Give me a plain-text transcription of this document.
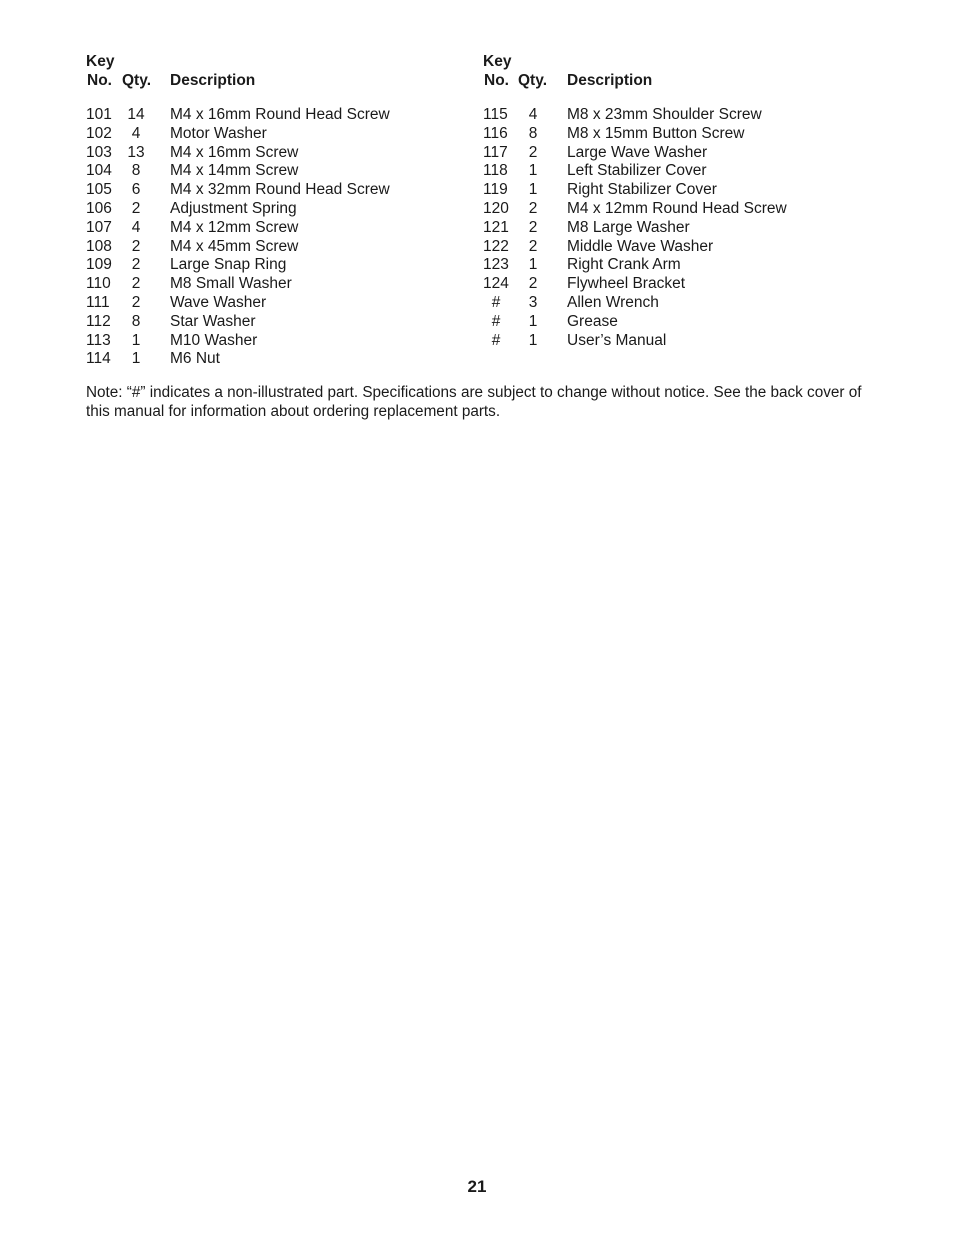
Key
No. Qty. Description
101 14 M4 x 16mm Round Head Screw
102	4	Motor Washer
103 13 M4 x 16mm Screw
104	8	M4 x 14mm Screw
105	6	M4 x 32mm Round Head Screw
106	2	Adjustment Spring
107	4	M4 x 12mm Screw
108	2	M4 x 45mm Screw
109	2	Large Snap Ring
110	2	M8 Small Washer
111	2	Wave Washer
112	8	Star Washer
113	1	M10 Washer
114	1	M6 Nut
Key
No. Qty. Description
115	4	M8 x 23mm Shoulder Screw
116	8	M8 x 15mm Button Screw
117	2	Large Wave Washer
118	1	Left Stabilizer Cover
119	1	Right Stabilizer Cover
120	2	M4 x 12mm Round Head Screw
121	2	M8 Large Washer
122	2	Middle Wave Washer
123	1	Right Crank Arm
124	2	Flywheel Bracket
#	3	Allen Wrench
#	1	Grease
#	1	User’s Manual
Note: “#” indicates a non-illustrated part. Specifications are subject to change without notice. See the back cover of this manual for information about ordering replacement parts.
21
